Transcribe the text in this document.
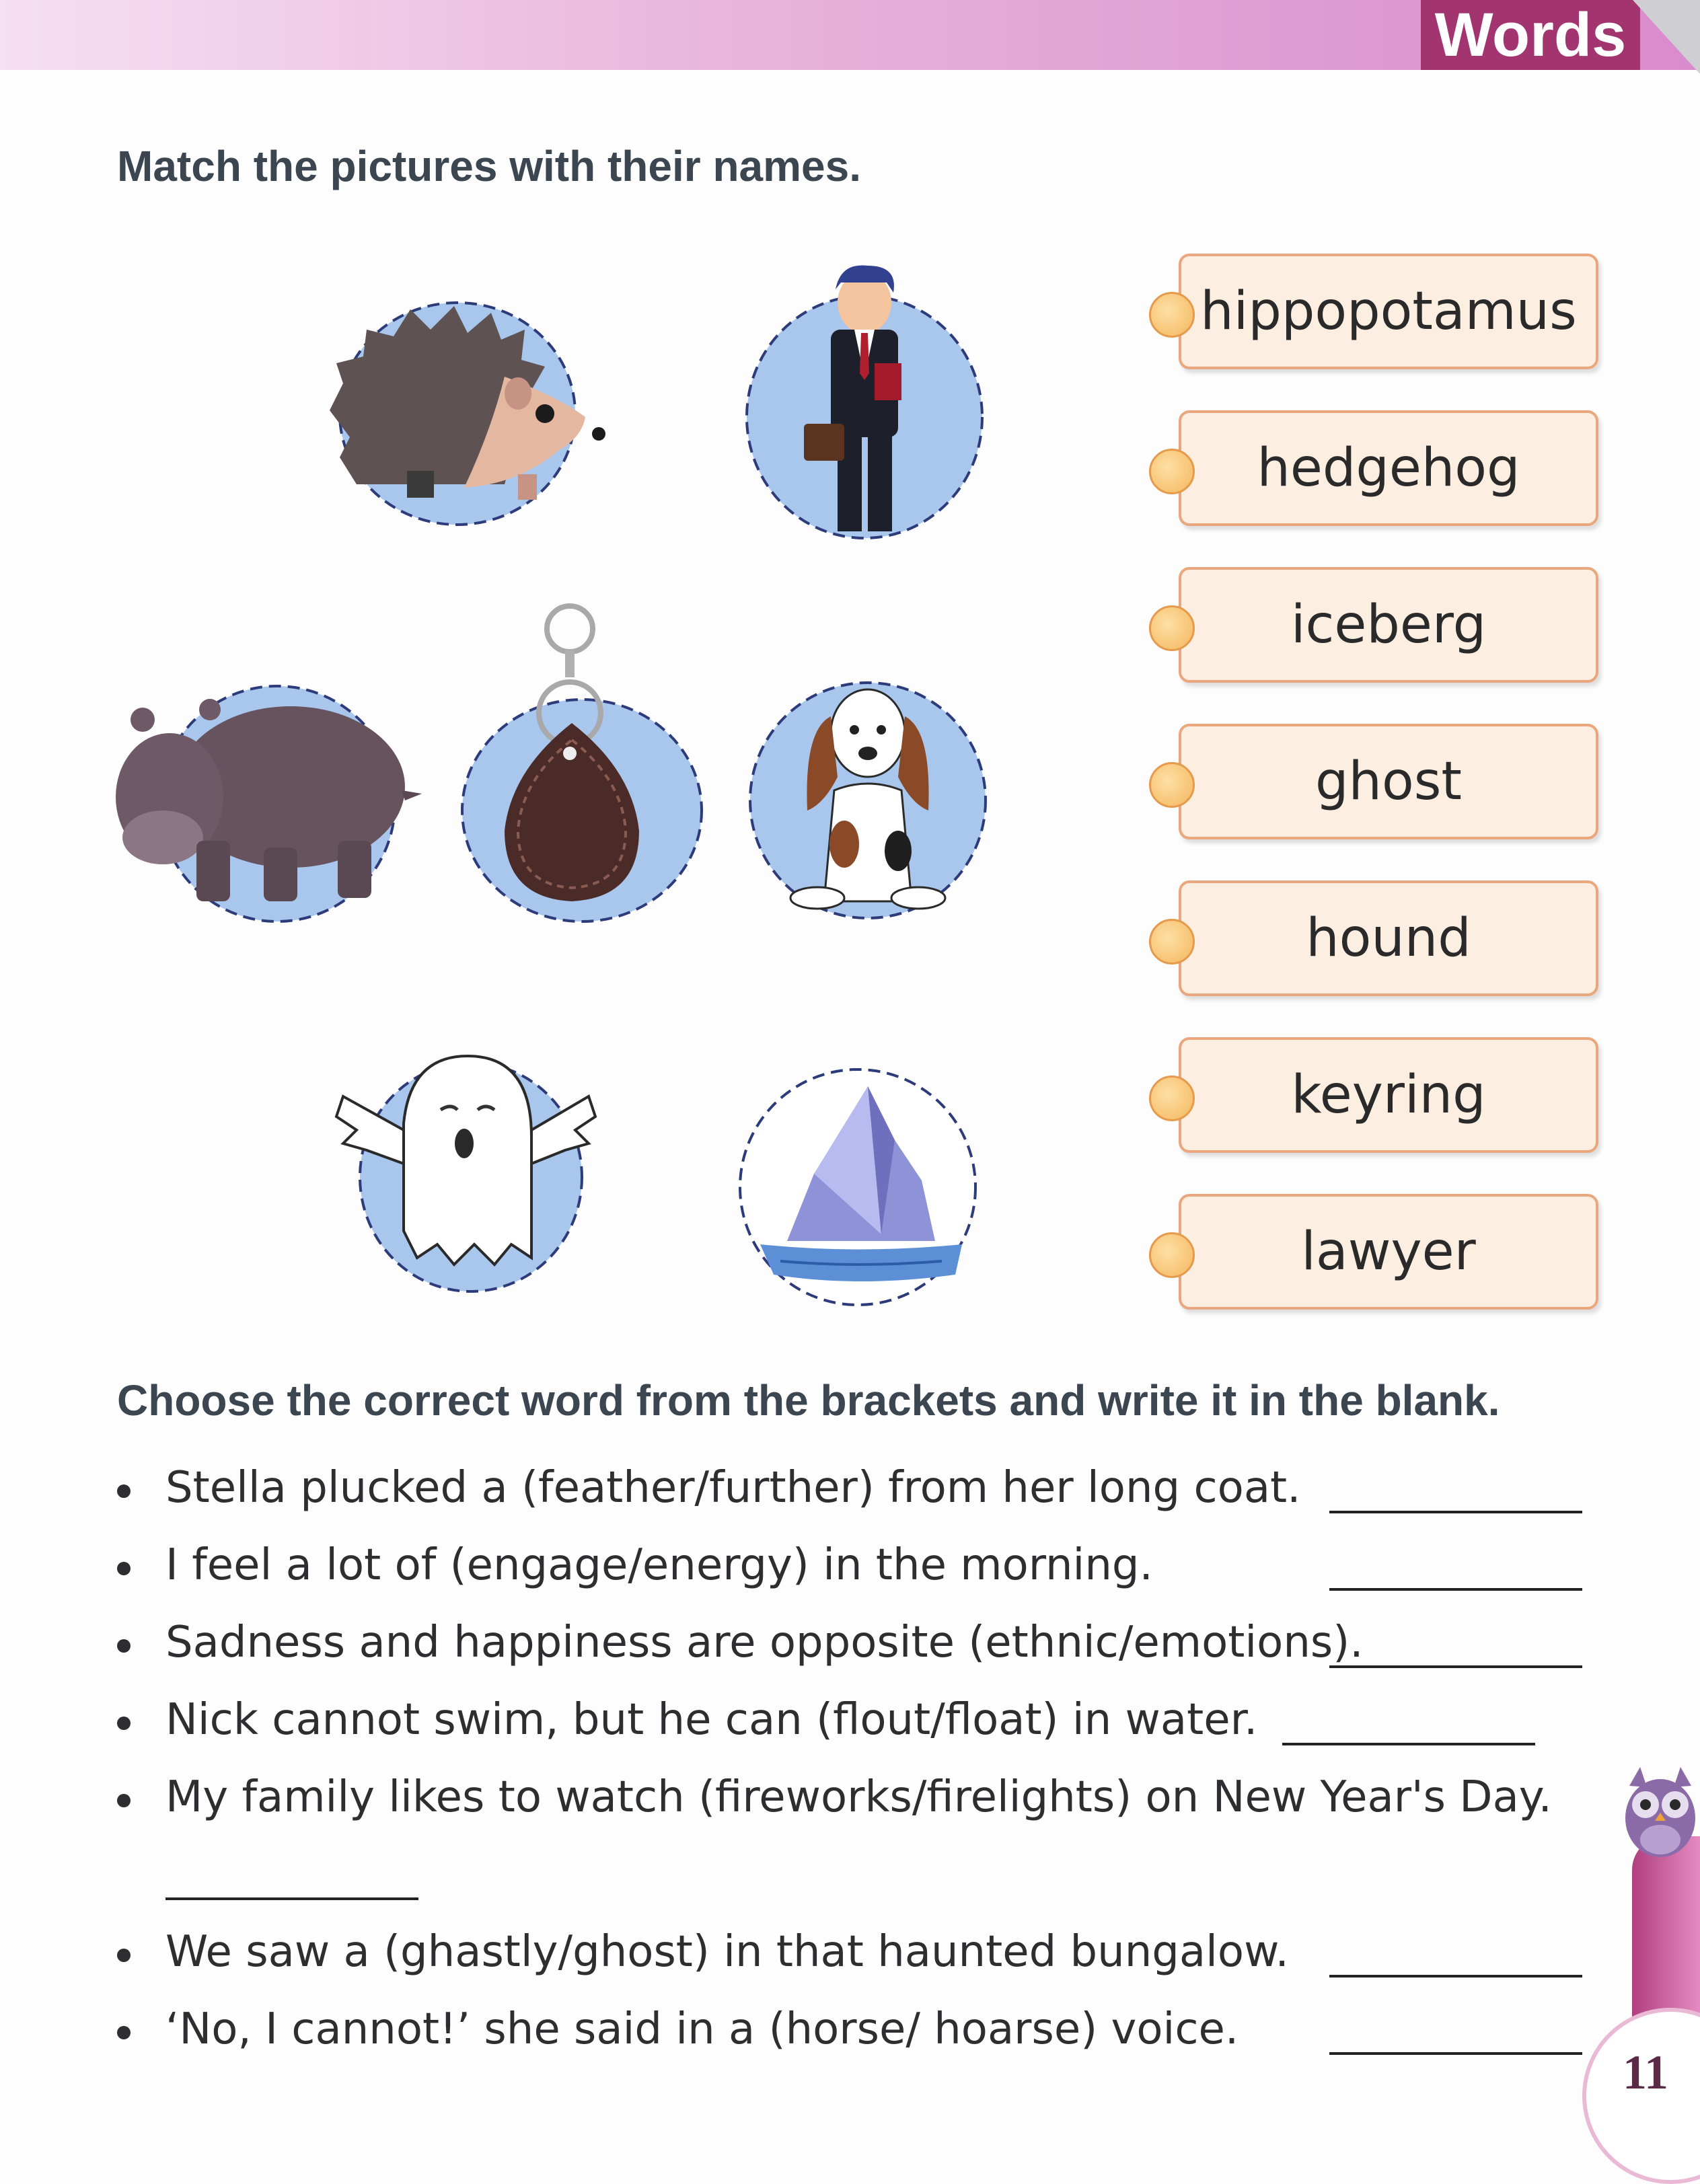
Words
Match the pictures with their names.
hippopotamus
hedgehog
iceberg
ghost
hound
keyring
lawyer
Choose the correct word from the brackets and write it in the blank.
Stella plucked a (feather/further) from her long coat.
I feel a lot of (engage/energy) in the morning.
Sadness and happiness are opposite (ethnic/emotions).
Nick cannot swim, but he can (flout/float) in water.
My family likes to watch (fireworks/firelights) on New Year's Day.
We saw a (ghastly/ghost) in that haunted bungalow.
‘No, I cannot!’ she said in a (horse/ hoarse) voice.
11
